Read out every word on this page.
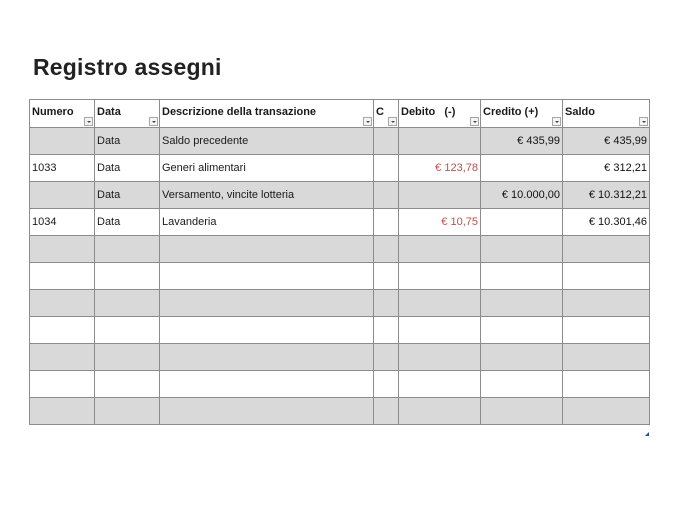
Registro assegni
Numero	Data	Descrizione della transazione	C	Debito   (-)	Credito (+)	Saldo

	Data	Saldo precedente			€ 435,99	€ 435,99
1033	Data	Generi alimentari		€ 123,78		€ 312,21
	Data	Versamento, vincite lotteria			€ 10.000,00	€ 10.312,21
1034	Data	Lavanderia		€ 10,75		€ 10.301,46
